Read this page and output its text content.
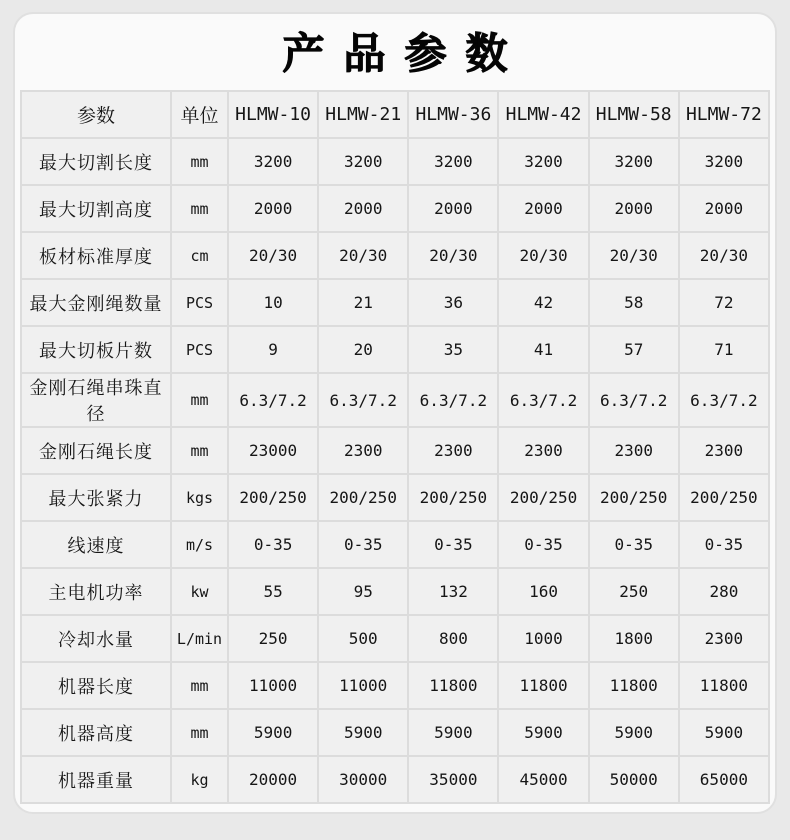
产品参数
参数	单位	HLMW-10	HLMW-21	HLMW-36	HLMW-42	HLMW-58	HLMW-72
最大切割长度	mm	3200	3200	3200	3200	3200	3200
最大切割高度	mm	2000	2000	2000	2000	2000	2000
板材标准厚度	cm	20/30	20/30	20/30	20/30	20/30	20/30
最大金刚绳数量	PCS	10	21	36	42	58	72
最大切板片数	PCS	9	20	35	41	57	71
金刚石绳串珠直径	mm	6.3/7.2	6.3/7.2	6.3/7.2	6.3/7.2	6.3/7.2	6.3/7.2
金刚石绳长度	mm	23000	2300	2300	2300	2300	2300
最大张紧力	kgs	200/250	200/250	200/250	200/250	200/250	200/250
线速度	m/s	0-35	0-35	0-35	0-35	0-35	0-35
主电机功率	kw	55	95	132	160	250	280
冷却水量	L/min	250	500	800	1000	1800	2300
机器长度	mm	11000	11000	11800	11800	11800	11800
机器高度	mm	5900	5900	5900	5900	5900	5900
机器重量	kg	20000	30000	35000	45000	50000	65000
